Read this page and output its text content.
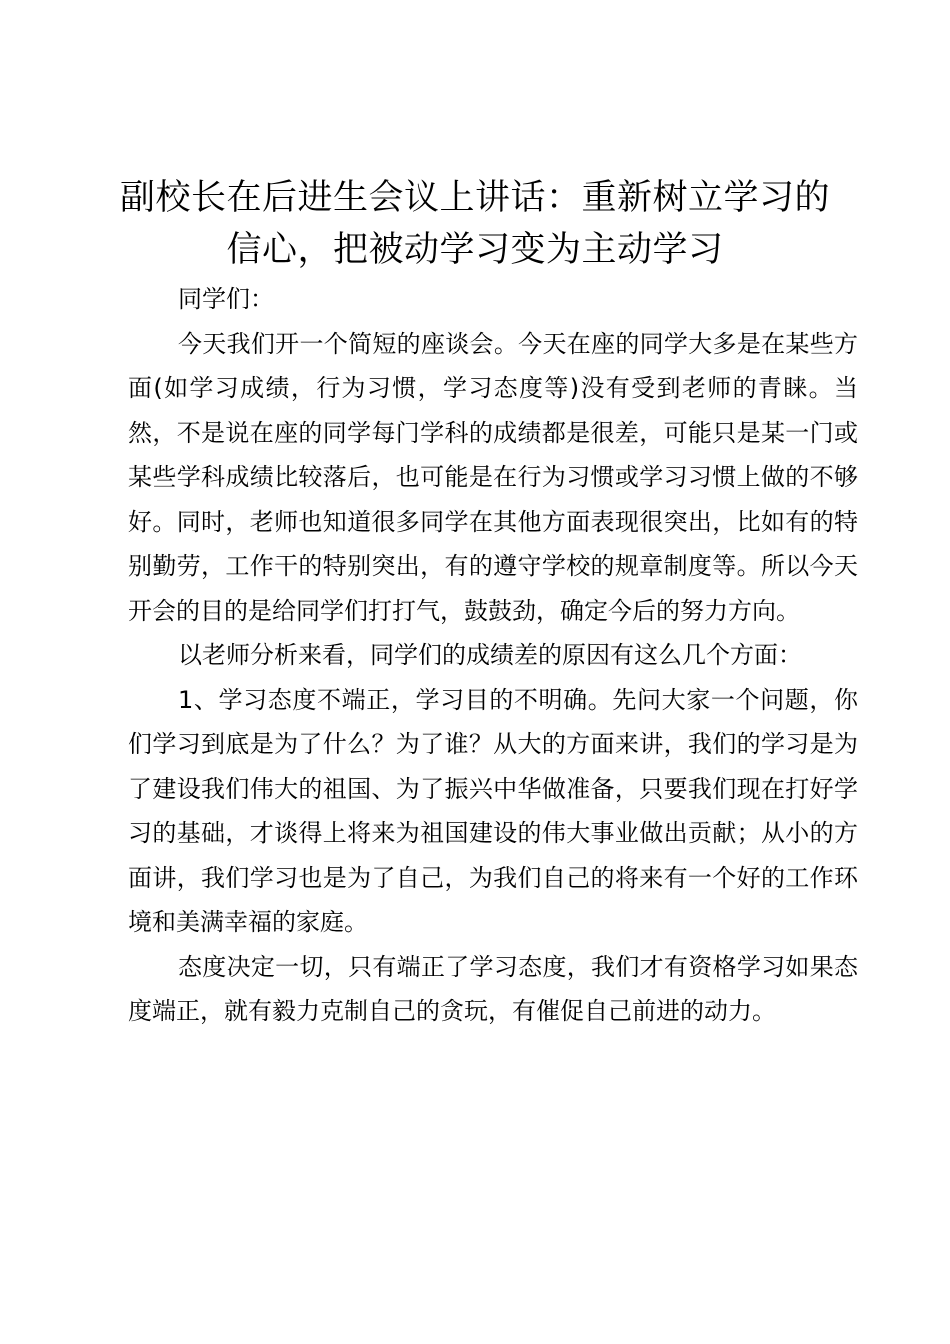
副校长在后进生会议上讲话：重新树立学习的
信心，把被动学习变为主动学习

同学们：

今天我们开一个简短的座谈会。今天在座的同学大多是在某些方面(如学习成绩，行为习惯，学习态度等)没有受到老师的青睐。当然，不是说在座的同学每门学科的成绩都是很差，可能只是某一门或某些学科成绩比较落后，也可能是在行为习惯或学习习惯上做的不够好。同时，老师也知道很多同学在其他方面表现很突出，比如有的特别勤劳，工作干的特别突出，有的遵守学校的规章制度等。所以今天开会的目的是给同学们打打气，鼓鼓劲，确定今后的努力方向。

以老师分析来看，同学们的成绩差的原因有这么几个方面：

1、学习态度不端正，学习目的不明确。先问大家一个问题，你们学习到底是为了什么？为了谁？从大的方面来讲，我们的学习是为了建设我们伟大的祖国、为了振兴中华做准备，只要我们现在打好学习的基础，才谈得上将来为祖国建设的伟大事业做出贡献；从小的方面讲，我们学习也是为了自己，为我们自己的将来有一个好的工作环境和美满幸福的家庭。

态度决定一切，只有端正了学习态度，我们才有资格学习如果态度端正，就有毅力克制自己的贪玩，有催促自己前进的动力。
